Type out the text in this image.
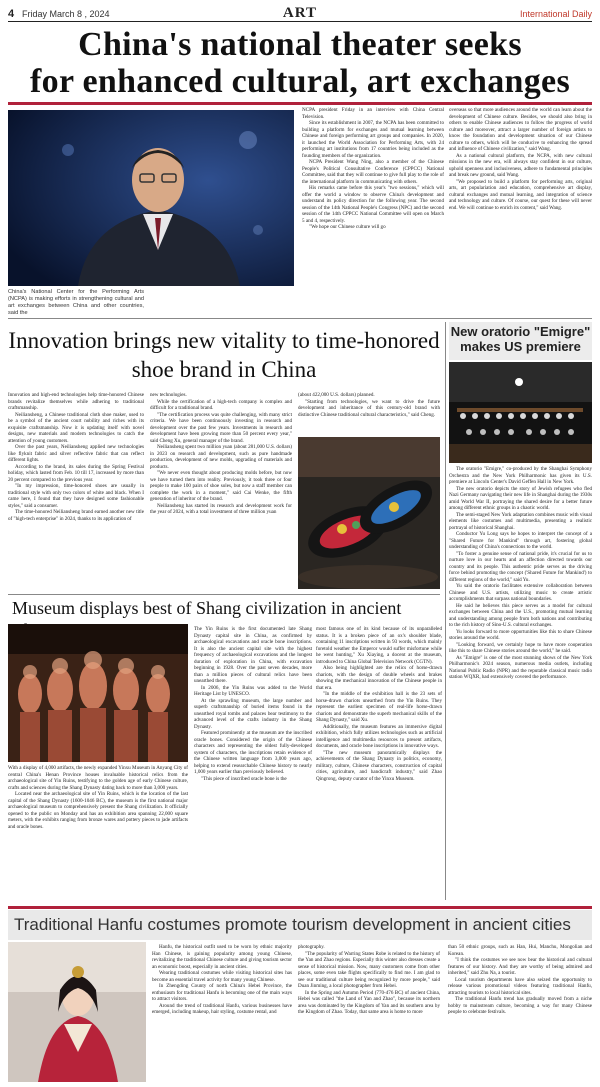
4 Friday March 8 , 2024	ART	International Daily
China's national theater seeks
for enhanced cultural, art exchanges
China's National Center for the Performing Arts (NCPA) is making efforts in strengthening cultural and art exchanges between China and other countries, said the

NCPA president Friday in an interview with China Central Television.

Since its establishment in 2007, the NCPA has been committed to building a platform for exchanges and mutual learning between Chinese and foreign performing art groups and companies. In 2020, it launched the World Association for Performing Arts, with 24 performing art institutions from 17 countries being included as the founding members of the organization.

NCPA President Wang Ning, also a member of the Chinese People's Political Consultative Conference (CPPCC) National Committee, said that they will continue to give full play to the role of the international platform in communicating with others.

His remarks came before this year's "two sessions," which will offer the world a window to observe China's development and understand its policy direction for the following year. The second session of the 14th National People's Congress (NPC) and the second session of the 14th CPPCC National Committee will open on March 5 and 4, respectively.

"We hope our Chinese culture will go

overseas so that more audiences around the world can learn about the development of Chinese culture. Besides, we should also bring in others to enable Chinese audiences to follow the progress of world culture and moreover, attract a larger number of foreign artists to know the foundation and development situation of our Chinese culture to others, which will be conducive to enhancing the spread and influence of Chinese civilization," said Wang.

As a national cultural platform, the NCPA, with new cultural missions in the new era, will always stay confident in our culture, uphold openness and inclusiveness, adhere to fundamental principles and break new ground, said Wang.

"We proposed to build a platform for performing arts, original arts, art populariation and education, comprehensive art display, cultural exchanges and mutual learning, and integration of science and technology and culture. Of course, our quest for these will never end. We will continue to enrich its content," said Wang.

Innovation brings new vitality to time-honored
shoe brand in China

Innovation and high-end technologies help time-honored Chinese brands revitalize themselves while adhering to traditional craftsmanship.

Neiliansheng, a Chinese traditional cloth shoe maker, used to be a symbol of the ancient court nobility and riches with its exquisite craftsmanship. Now it is updating itself with novel designs, new materials and modern technologies to catch the attention of young customers.

Over the past years, Neiliansheng applied new technologies like flyknit fabric and silver reflective fabric that can reflect different lights.

According to the brand, its sales during the Spring Festival holiday, which lasted from Feb. 10 till 17, increased by more than 20 percent compared to the previous year.

"In my impression, time-honored shoes are usually in traditional style with only two colors of white and black. When I came here, I found that they have designed some fashionable styles," said a consumer.

The time-honored Neiliansheng brand earned another new title of "high-tech enterprise" in 2024, thanks to its application of

new technologies.

While the certification of a high-tech company is complex and difficult for a traditional brand.

"The certification process was quite challenging, with many strict criteria. We have been continuously investing in research and development over the past few years. Investments in research and development have been growing more than 50 percent every year," said Cheng Xu, general manager of the brand.

Neiliansheng spent two million yuan (about 281,000 U.S. dollars) in 2023 on research and development, such as pure handmade production, development of new molds, upgrading of materials and products.

"We never even thought about producing molds before, but now we have turned them into reality. Previously, it took three or four people to make 100 pairs of shoe soles, but now a staff member can complete the work in a moment," said Cai Wenke, the fifth generation of inheritor of the brand.

Neiliansheng has started its research and development work for the year of 2024, with a total investment of three million yuan

(about 422,000 U.S. dollars) planned.

"Starting from technologies, we want to drive the future development and inheritance of this century-old brand with distinctive Chinese traditional cultural characteristics," said Cheng.

New oratorio "Emigre"
makes US premiere

The oratorio "Emigre," co-produced by the Shanghai Symphony Orchestra and the New York Philharmonic has given its U.S. premiere at Lincoln Center's David Geffen Hall in New York.

The new oratorio depicts the story of Jewish refugees who fled Nazi Germany navigating their new life in Shanghai during the 1930s amid World War II, portraying the shared desire for a better future among different ethnic groups in a chaotic world.

The semi-staged New York adaptation combines music with visual elements like costumes and multimedia, presenting a realistic portrayal of historical Shanghai.

Conductor Yu Long says he hopes to interpret the concept of a "Shared Future for Mankind" through art, fostering global understanding of China's connections to the world.

"To foster a genuine sense of national pride, it's crucial for us to nurture love in our hearts and an affection directed towards our country and its people. This authentic pride serves as the driving force behind promoting the concept ('Shared Future for Mankind') to different regions of the world," said Yu.

Yu said the oratorio facilitates extensive collaboration between Chinese and U.S. artists, utilizing music to create artistic accomplishments that surpass national boundaries.

He said he believes this piece serves as a model for cultural exchanges between China and the U.S., promoting mutual learning and understanding among people from both nations and contributing to the rich history of Sino-U.S. cultural exchanges.

Yu looks forward to more opportunities like this to share Chinese stories around the world.

"Looking forward, we certainly hope to have more cooperation like this to share Chinese stories around the world," he said.

As "Emigre" is one of the most stunning shows of the New York Philharmonic's 2024 season, numerous media outlets, including National Public Radio (NPR) and the reputable classical music radio station WQXR, had extensively covered the performance.

Museum displays best of Shang civilization in ancient

With a display of 4,000 artifacts, the newly expanded Yinxu Museum in Anyang City of central China's Henan Province houses invaluable historical relics from the archaeological site of Yin Ruins, testifying to the golden age of early Chinese culture, crafts and sciences during the Shang Dynasty dating back to more than 3,000 years.

Located near the archaeological site of Yin Ruins, which is the location of the last capital of the Shang Dynasty (1600-1046 BC), the museum is the first national major archaeological museum to comprehensively present the Shang civilization. It officially opened to the public on Monday and has an exhibition area spanning 22,000 square meters, with the exhibits ranging from bronze wares and pottery pieces to jade artifacts and oracle bones.

The Yin Ruins is the first documented late Shang Dynasty capital site in China, as confirmed by archaeological excavations and oracle bone inscriptions. It is also the ancient capital site with the highest frequency of archaeological excavations and the longest duration of exploration in China, with excavation beginning in 1928. Over the past seven decades, more than a million pieces of cultural relics have been unearthed there.

In 2006, the Yin Ruins was added to the World Heritage List by UNESCO.

At the sprawling museum, the large number and superb craftsmanship of buried items found in the unearthed royal tombs and palaces bear testimony to the advanced level of the crafts industry in the Shang Dynasty.

Featured prominently at the museum are the inscribed oracle bones. Considered the origin of the Chinese characters and representing the oldest fully-developed system of characters, the inscriptions retain evidence of the Chinese written language from 3,000 years ago, helping to extend researchable Chinese history to nearly 1,000 years earlier than previously believed.

"This piece of inscribed oracle bone is the

most famous one of its kind because of its unparalleled status. It is a broken piece of an ox's shoulder blade, containing 11 inscriptions written in 93 words, which mainly foretold weather the Emperor would suffer misfortune while he went hunting," Xu Xiaying, a docent at the museum, introduced to China Global Television Network (CGTN).

Also being highlighted are the relics of horse-drawn chariots, with the design of double wheels and brakes showing the mechanical innovation of the Chinese people in that era.

"In the middle of the exhibition hall is the 23 sets of horse-drawn chariots unearthed from the Yin Ruins. They represent the earliest specimen of real-life horse-drawn chariots and demonstrate the superb mechanical skills of the Shang Dynasty," said Xu.

Additionally, the museum features an immersive digital exhibition, which fully utilizes technologies such as artificial intelligence and multimedia resources to present artifacts, documents, and oracle bone inscriptions in innovative ways.

"The new museum panoramically displays the achievements of the Shang Dynasty in politics, economy, military, culture, Chinese characters, construction of capital cities, agriculture, and handicraft industry," said Zhao Qingrong, deputy curator of the Yinxu Museum.

Traditional Hanfu costumes promote tourism development in ancient cities

Hanfu, the historical outfit used to be worn by ethnic majority Han Chinese, is gaining popularity among young Chinese, revitalizing the traditional Chinese culture and giving tourism sector an economic boost, especially in ancient cities.

Wearing traditional costumes while visiting historical sites has become an essential travel activity for many young Chinese.

In Zhengding County of north China's Hebei Province, the enthusiasm for traditional Hanfu is becoming one of the main ways to attract visitors.

Around the trend of traditional Hanfu, various businesses have emerged, including makeup, hair styling, costume rental, and

photography.

"The popularity of Warring States Robe is related to the history of the Yan and Zhao regions. Especially this winter also dresses create a sense of historical mission. Now, many customers come from other places, some even take flights specifically to find me. I am glad to see our traditional culture being recognized by more people," said Duan Jinming, a local photographer from Hebei.

In the Spring and Autumn Period (770-476 BC) of ancient China, Hebei was called "the Land of Yan and Zhao", because its northern area was dominated by the Kingdom of Yan and its southern area by the Kingdom of Zhao. Today, that same area is home to more

than 50 ethnic groups, such as Han, Hui, Manchu, Mongolian and Korean.

"I think the costumes we see now bear the historical and cultural features of our history. And they are worthy of being admired and inherited," said Zhu Na, a tourist.

Local tourism departments have also seized the opportunity to release various promotional videos featuring traditional Hanfu, attracting tourists to local historical sites.

The traditional Hanfu trend has gradually moved from a niche hobby to mainstream culture, becoming a way for many Chinese people to celebrate festivals.
